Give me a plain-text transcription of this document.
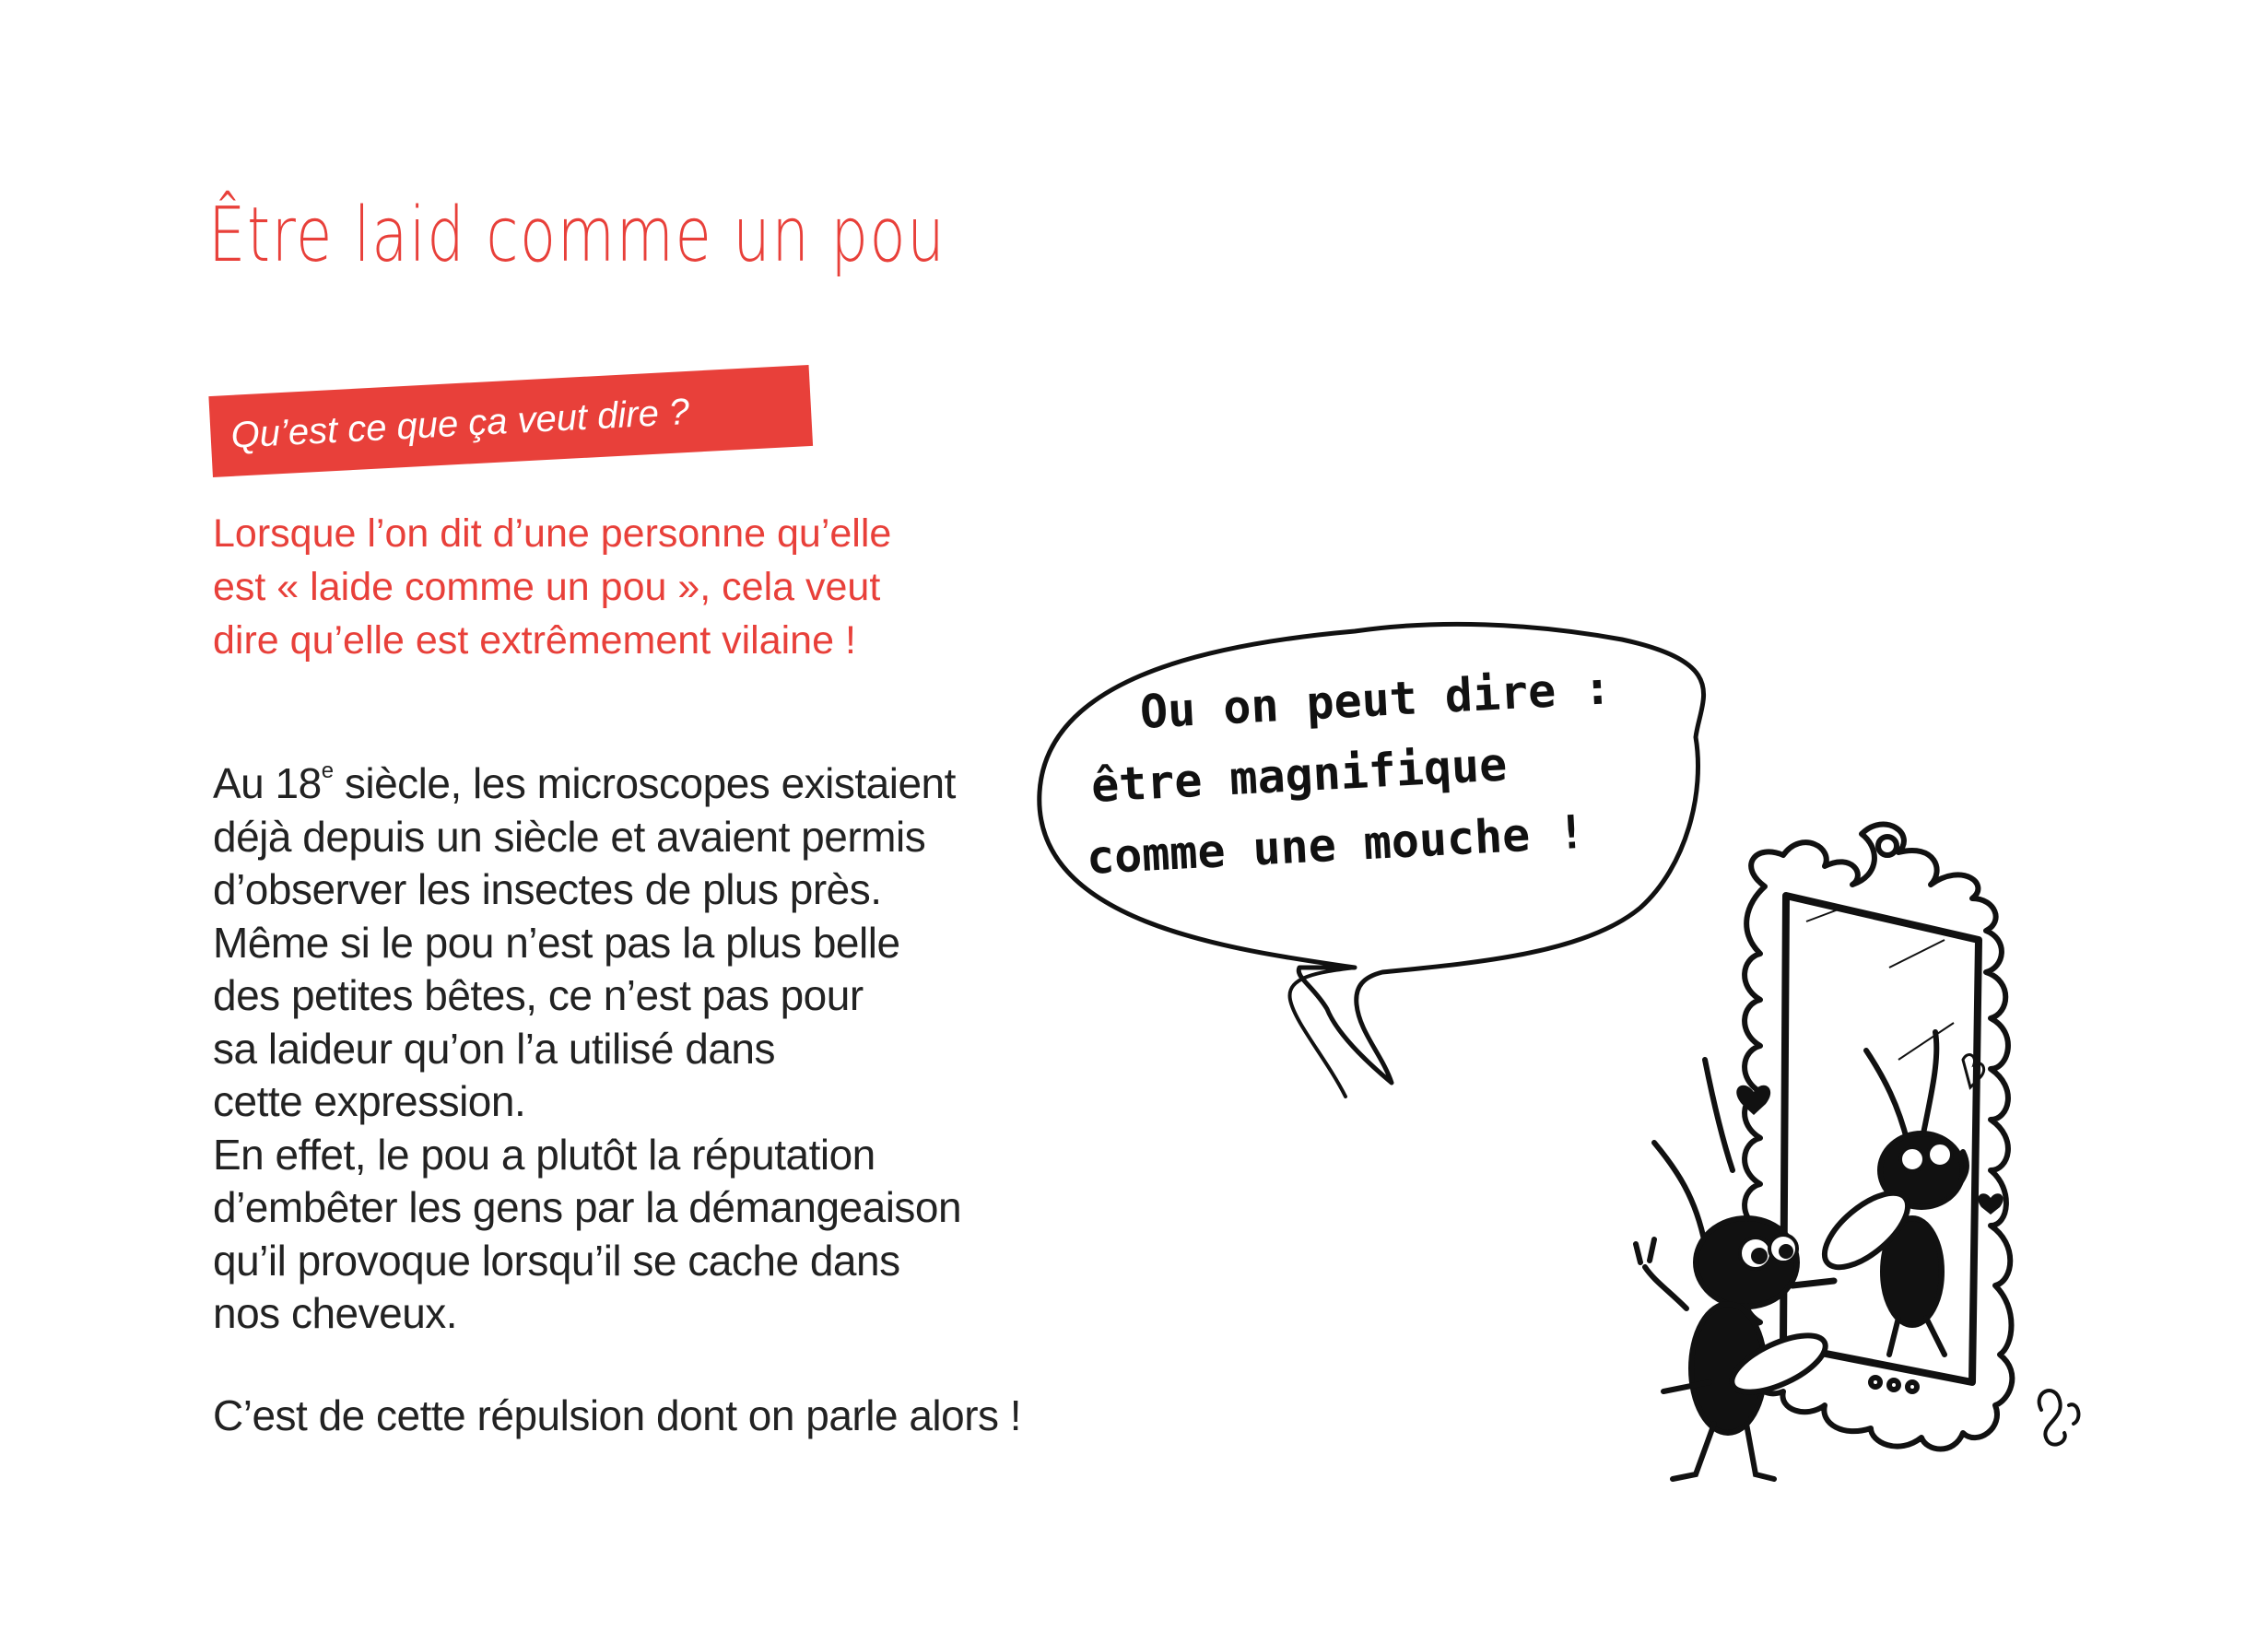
Être laid comme un pou
Qu’est ce que ça veut dire ?
Lorsque l’on dit d’une personne qu’elle
est « laide comme un pou », cela veut
dire qu’elle est extrêmement vilaine !

Au 18e siècle, les microscopes existaient

déjà depuis un siècle et avaient permis

d’observer les insectes de plus près.

Même si le pou n’est pas la plus belle

des petites bêtes, ce n’est pas pour

sa laideur qu’on l’a utilisé dans

cette expression.

En effet, le pou a plutôt la réputation

d’embêter les gens par la démangeaison

qu’il provoque lorsqu’il se cache dans

nos cheveux.

C’est de cette répulsion dont on parle alors !

Ou on peut dire :
être magnifique
comme une mouche !
